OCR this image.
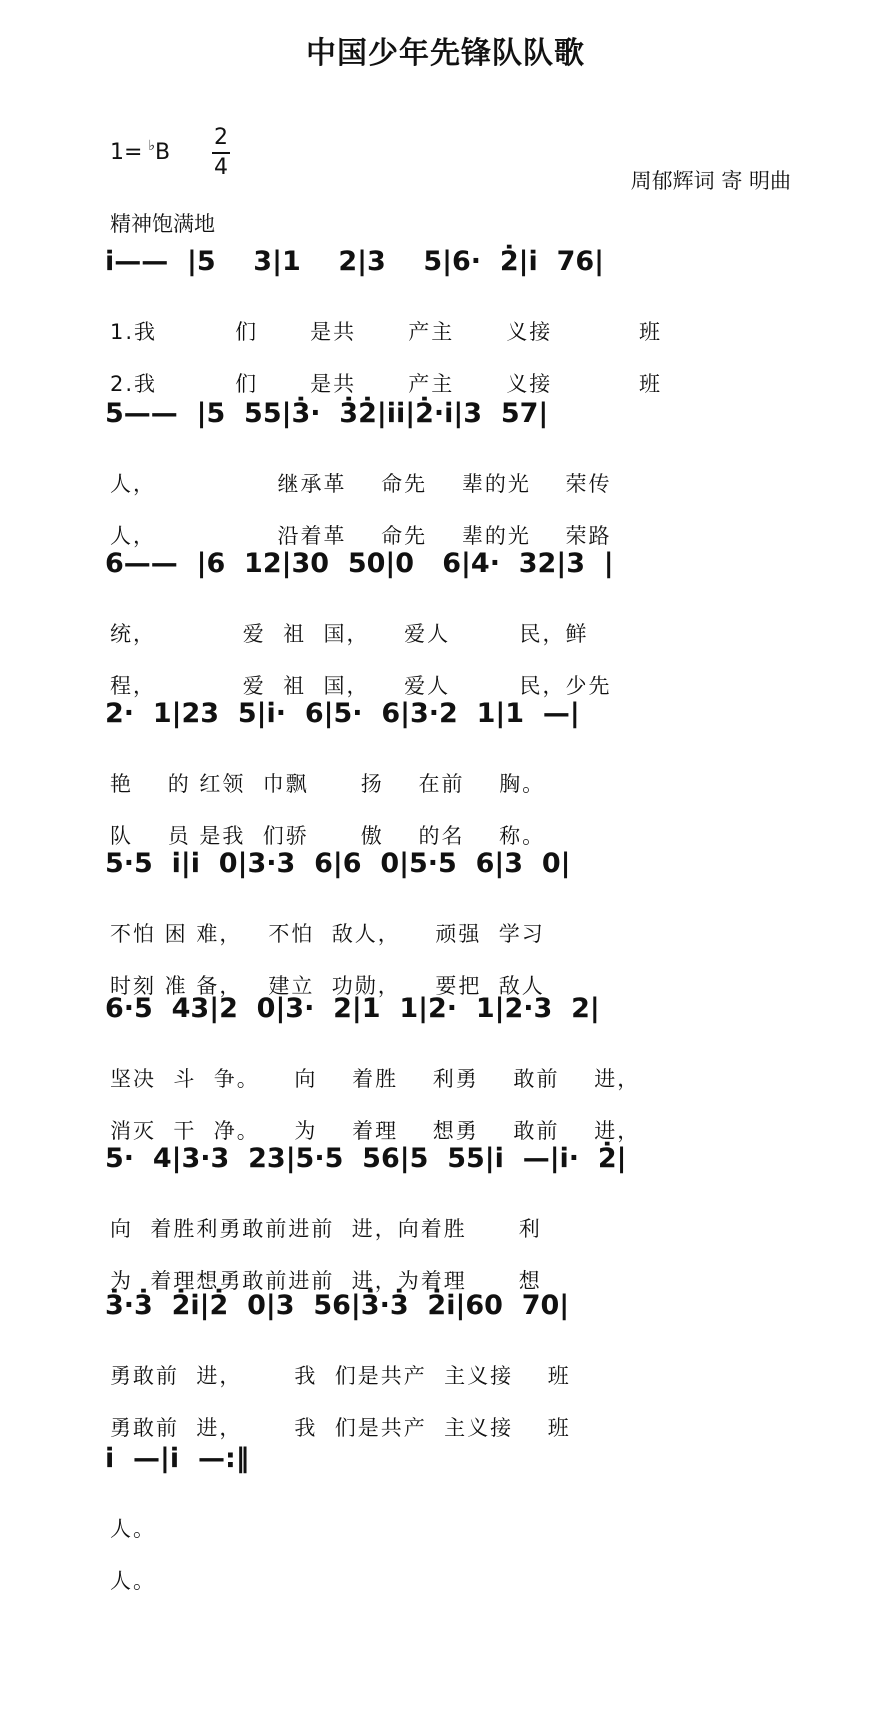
中国少年先锋队队歌
1= ♭B
2
4
周郁辉词 寄 明曲
精神饱满地
i̇——  |5    3|1    2|3    5|6·  2̇|i̇  76|
1.我         们      是共      产主      义接          班
2.我         们      是共      产主      义接          班
5——  |5  55|3̇·  3̇2̇|i̇i̇|2̇·i̇|3  57|
人，              继承革    命先    辈的光    荣传
人，              沿着革    命先    辈的光    荣路
6——  |6  12|30  50|0   6|4·  32|3  |
统，          爱  祖  国，    爱人        民，鲜
程，          爱  祖  国，    爱人        民，少先
2·  1|23  5|i̇·  6|5·  6|3·2  1|1  —|
艳    的 红领  巾飘      扬    在前    胸。
队    员 是我  们骄      傲    的名    称。
5·5  i̇|i̇  0|3·3  6|6  0|5·5  6|3  0|
不怕 困 难，   不怕  敌人，    顽强  学习
时刻 准 备，   建立  功勋，    要把  敌人
6·5  43|2  0|3·  2|1  1|2·  1|2·3  2|
坚决  斗  争。    向    着胜    利勇    敢前    进，
消灭  干  净。    为    着理    想勇    敢前    进，
5·  4|3·3  23|5·5  56|5  55|i̇  —|i̇·  2̇|
向  着胜利勇敢前进前  进，向着胜      利
为  着理想勇敢前进前  进，为着理      想
3̇·3̇  2̇i̇|2̇  0|3  56|3̇·3̇  2̇i̇|60  70|
勇敢前  进，      我  们是共产  主义接    班
勇敢前  进，      我  们是共产  主义接    班
i̇  —|i̇  —:‖
人。
人。
